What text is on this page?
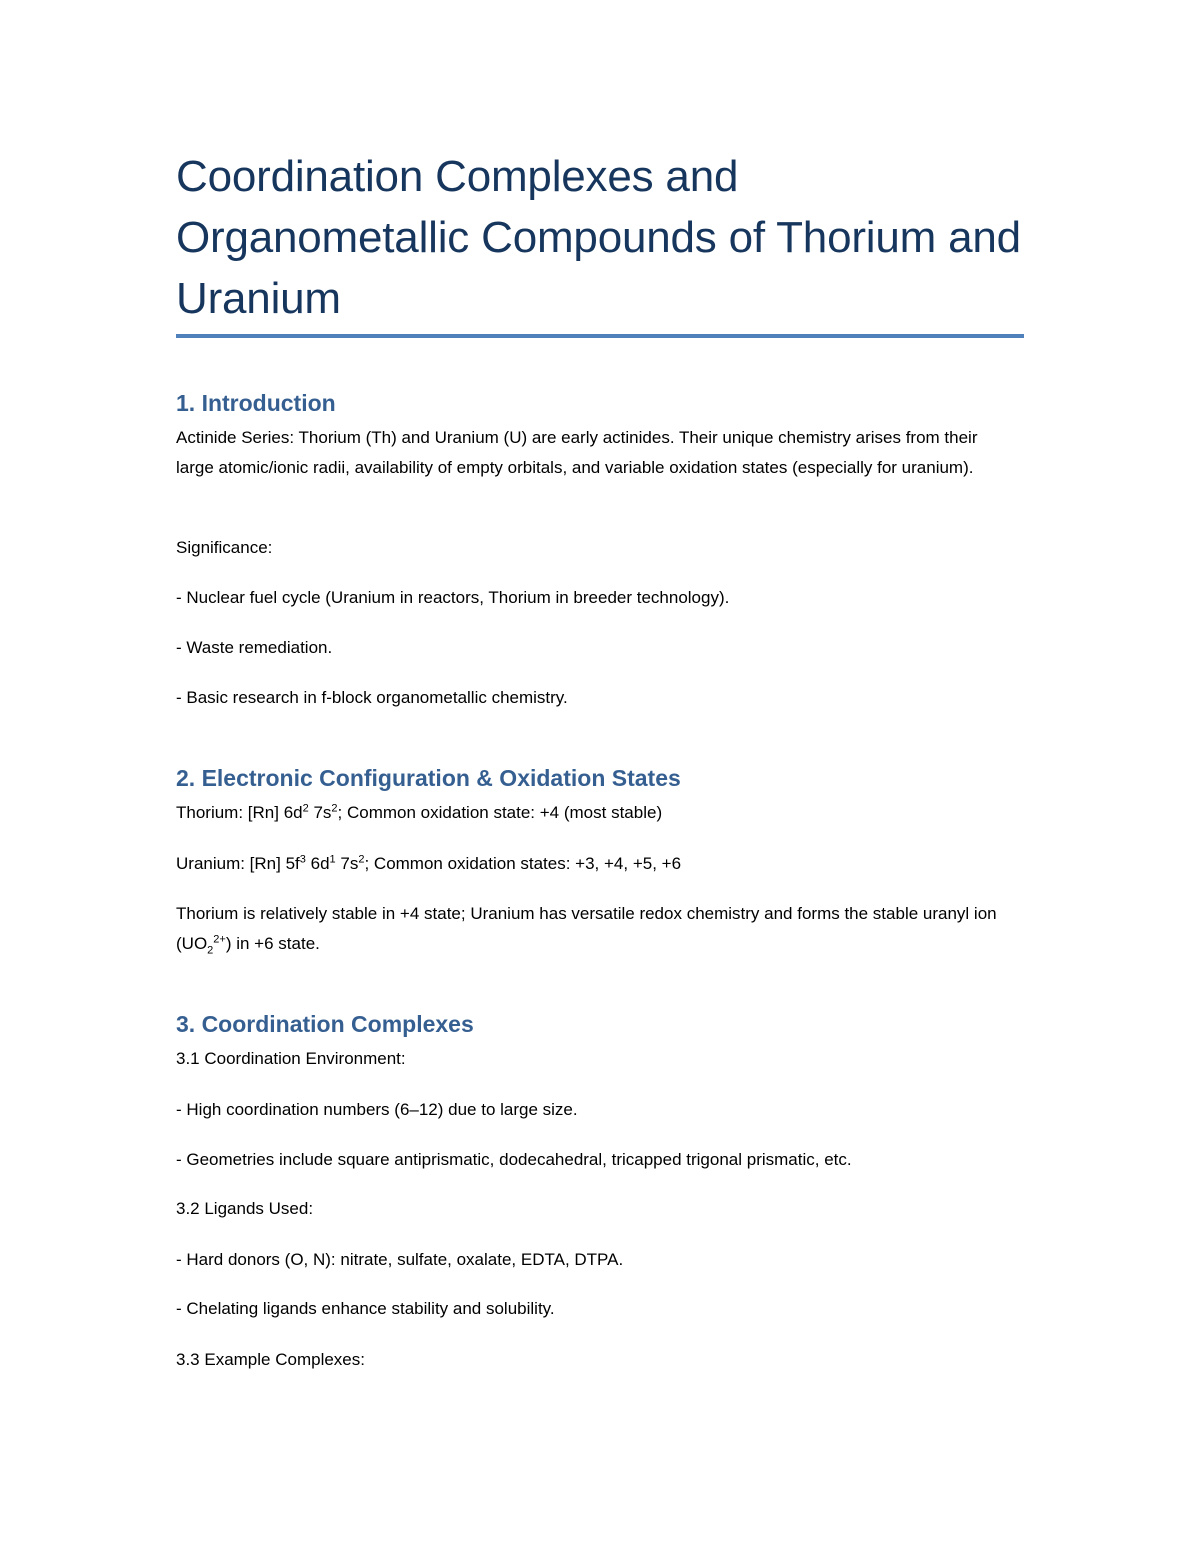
Coordination Complexes and Organometallic Compounds of Thorium and Uranium
1. Introduction

Actinide Series: Thorium (Th) and Uranium (U) are early actinides. Their unique chemistry arises from their large atomic/ionic radii, availability of empty orbitals, and variable oxidation states (especially for uranium).

Significance:

- Nuclear fuel cycle (Uranium in reactors, Thorium in breeder technology).

- Waste remediation.

- Basic research in f-block organometallic chemistry.

2. Electronic Configuration & Oxidation States

Thorium: [Rn] $6d^2$ $7s^2$; Common oxidation state: +4 (most stable)

Uranium: [Rn] $5f^3$ $6d^1$ $7s^2$; Common oxidation states: +3, +4, +5, +6

Thorium is relatively stable in +4 state; Uranium has versatile redox chemistry and forms the stable uranyl ion $(UO_2^{2+})$ in +6 state.

3. Coordination Complexes

3.1 Coordination Environment:

- High coordination numbers (6–12) due to large size.

- Geometries include square antiprismatic, dodecahedral, tricapped trigonal prismatic, etc.

3.2 Ligands Used:

- Hard donors (O, N): nitrate, sulfate, oxalate, EDTA, DTPA.

- Chelating ligands enhance stability and solubility.

3.3 Example Complexes:
